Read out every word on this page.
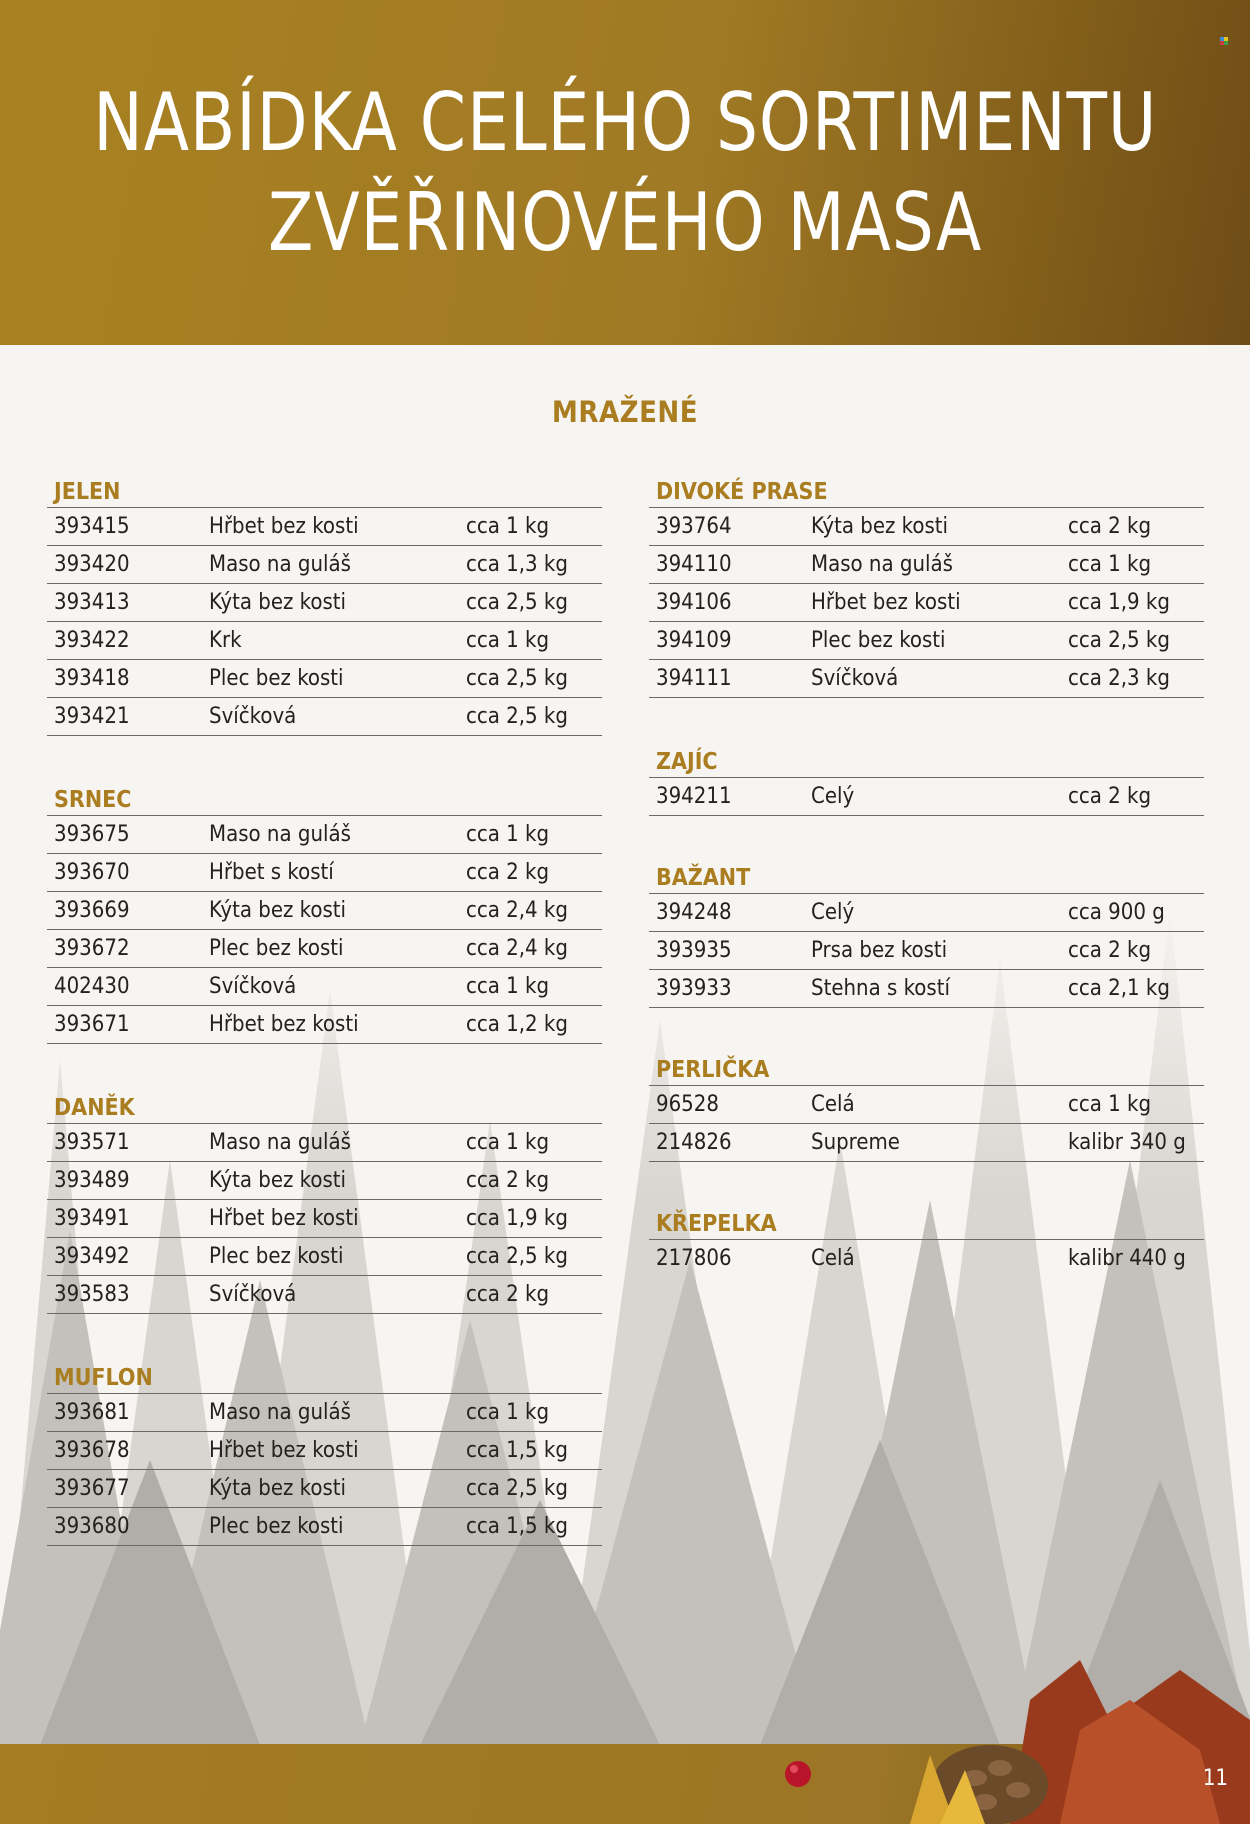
NABÍDKA CELÉHO SORTIMENTU
ZVĚŘINOVÉHO MASA
MRAŽENÉ
JELEN
393415	Hřbet bez kosti	cca 1 kg
393420	Maso na guláš	cca 1,3 kg
393413	Kýta bez kosti	cca 2,5 kg
393422	Krk	cca 1 kg
393418	Plec bez kosti	cca 2,5 kg
393421	Svíčková	cca 2,5 kg
SRNEC
393675	Maso na guláš	cca 1 kg
393670	Hřbet s kostí	cca 2 kg
393669	Kýta bez kosti	cca 2,4 kg
393672	Plec bez kosti	cca 2,4 kg
402430	Svíčková	cca 1 kg
393671	Hřbet bez kosti	cca 1,2 kg
DANĚK
393571	Maso na guláš	cca 1 kg
393489	Kýta bez kosti	cca 2 kg
393491	Hřbet bez kosti	cca 1,9 kg
393492	Plec bez kosti	cca 2,5 kg
393583	Svíčková	cca 2 kg
MUFLON
393681	Maso na guláš	cca 1 kg
393678	Hřbet bez kosti	cca 1,5 kg
393677	Kýta bez kosti	cca 2,5 kg
393680	Plec bez kosti	cca 1,5 kg
DIVOKÉ PRASE
393764	Kýta bez kosti	cca 2 kg
394110	Maso na guláš	cca 1 kg
394106	Hřbet bez kosti	cca 1,9 kg
394109	Plec bez kosti	cca 2,5 kg
394111	Svíčková	cca 2,3 kg
ZAJÍC
394211	Celý	cca 2 kg
BAŽANT
394248	Celý	cca 900 g
393935	Prsa bez kosti	cca 2 kg
393933	Stehna s kostí	cca 2,1 kg
PERLIČKA
96528	Celá	cca 1 kg
214826	Supreme	kalibr 340 g
KŘEPELKA
217806	Celá	kalibr 440 g
11
